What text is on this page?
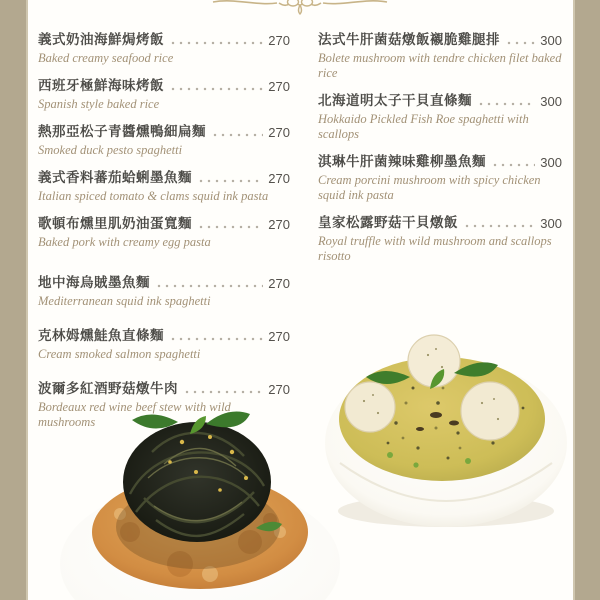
義式奶油海鮮焗烤飯	270
Baked creamy seafood rice
西班牙極鮮海味烤飯	270
Spanish style baked rice
熱那亞松子青醬燻鴨細扁麵	270
Smoked duck pesto spaghetti
義式香料蕃茄蛤蜊墨魚麵	270
Italian spiced tomato & clams squid ink pasta
歌頓布燻里肌奶油蛋寬麵	270
Baked pork with creamy egg pasta
地中海烏賊墨魚麵	270
Mediterranean squid ink spaghetti
克林姆燻鮭魚直條麵	270
Cream smoked salmon spaghetti
波爾多紅酒野菇燉牛肉	270
Bordeaux red wine beef stew with wild mushrooms
法式牛肝菌菇燉飯襯脆雞腿排	300
Bolete mushroom with tendre chicken filet baked rice
北海道明太子干貝直條麵	300
Hokkaido Pickled Fish Roe spaghetti with scallops
淇琳牛肝菌辣味雞柳墨魚麵	300
Cream porcini mushroom with spicy chicken squid ink pasta
皇家松露野菇干貝燉飯	300
Royal truffle with wild mushroom and scallops risotto
